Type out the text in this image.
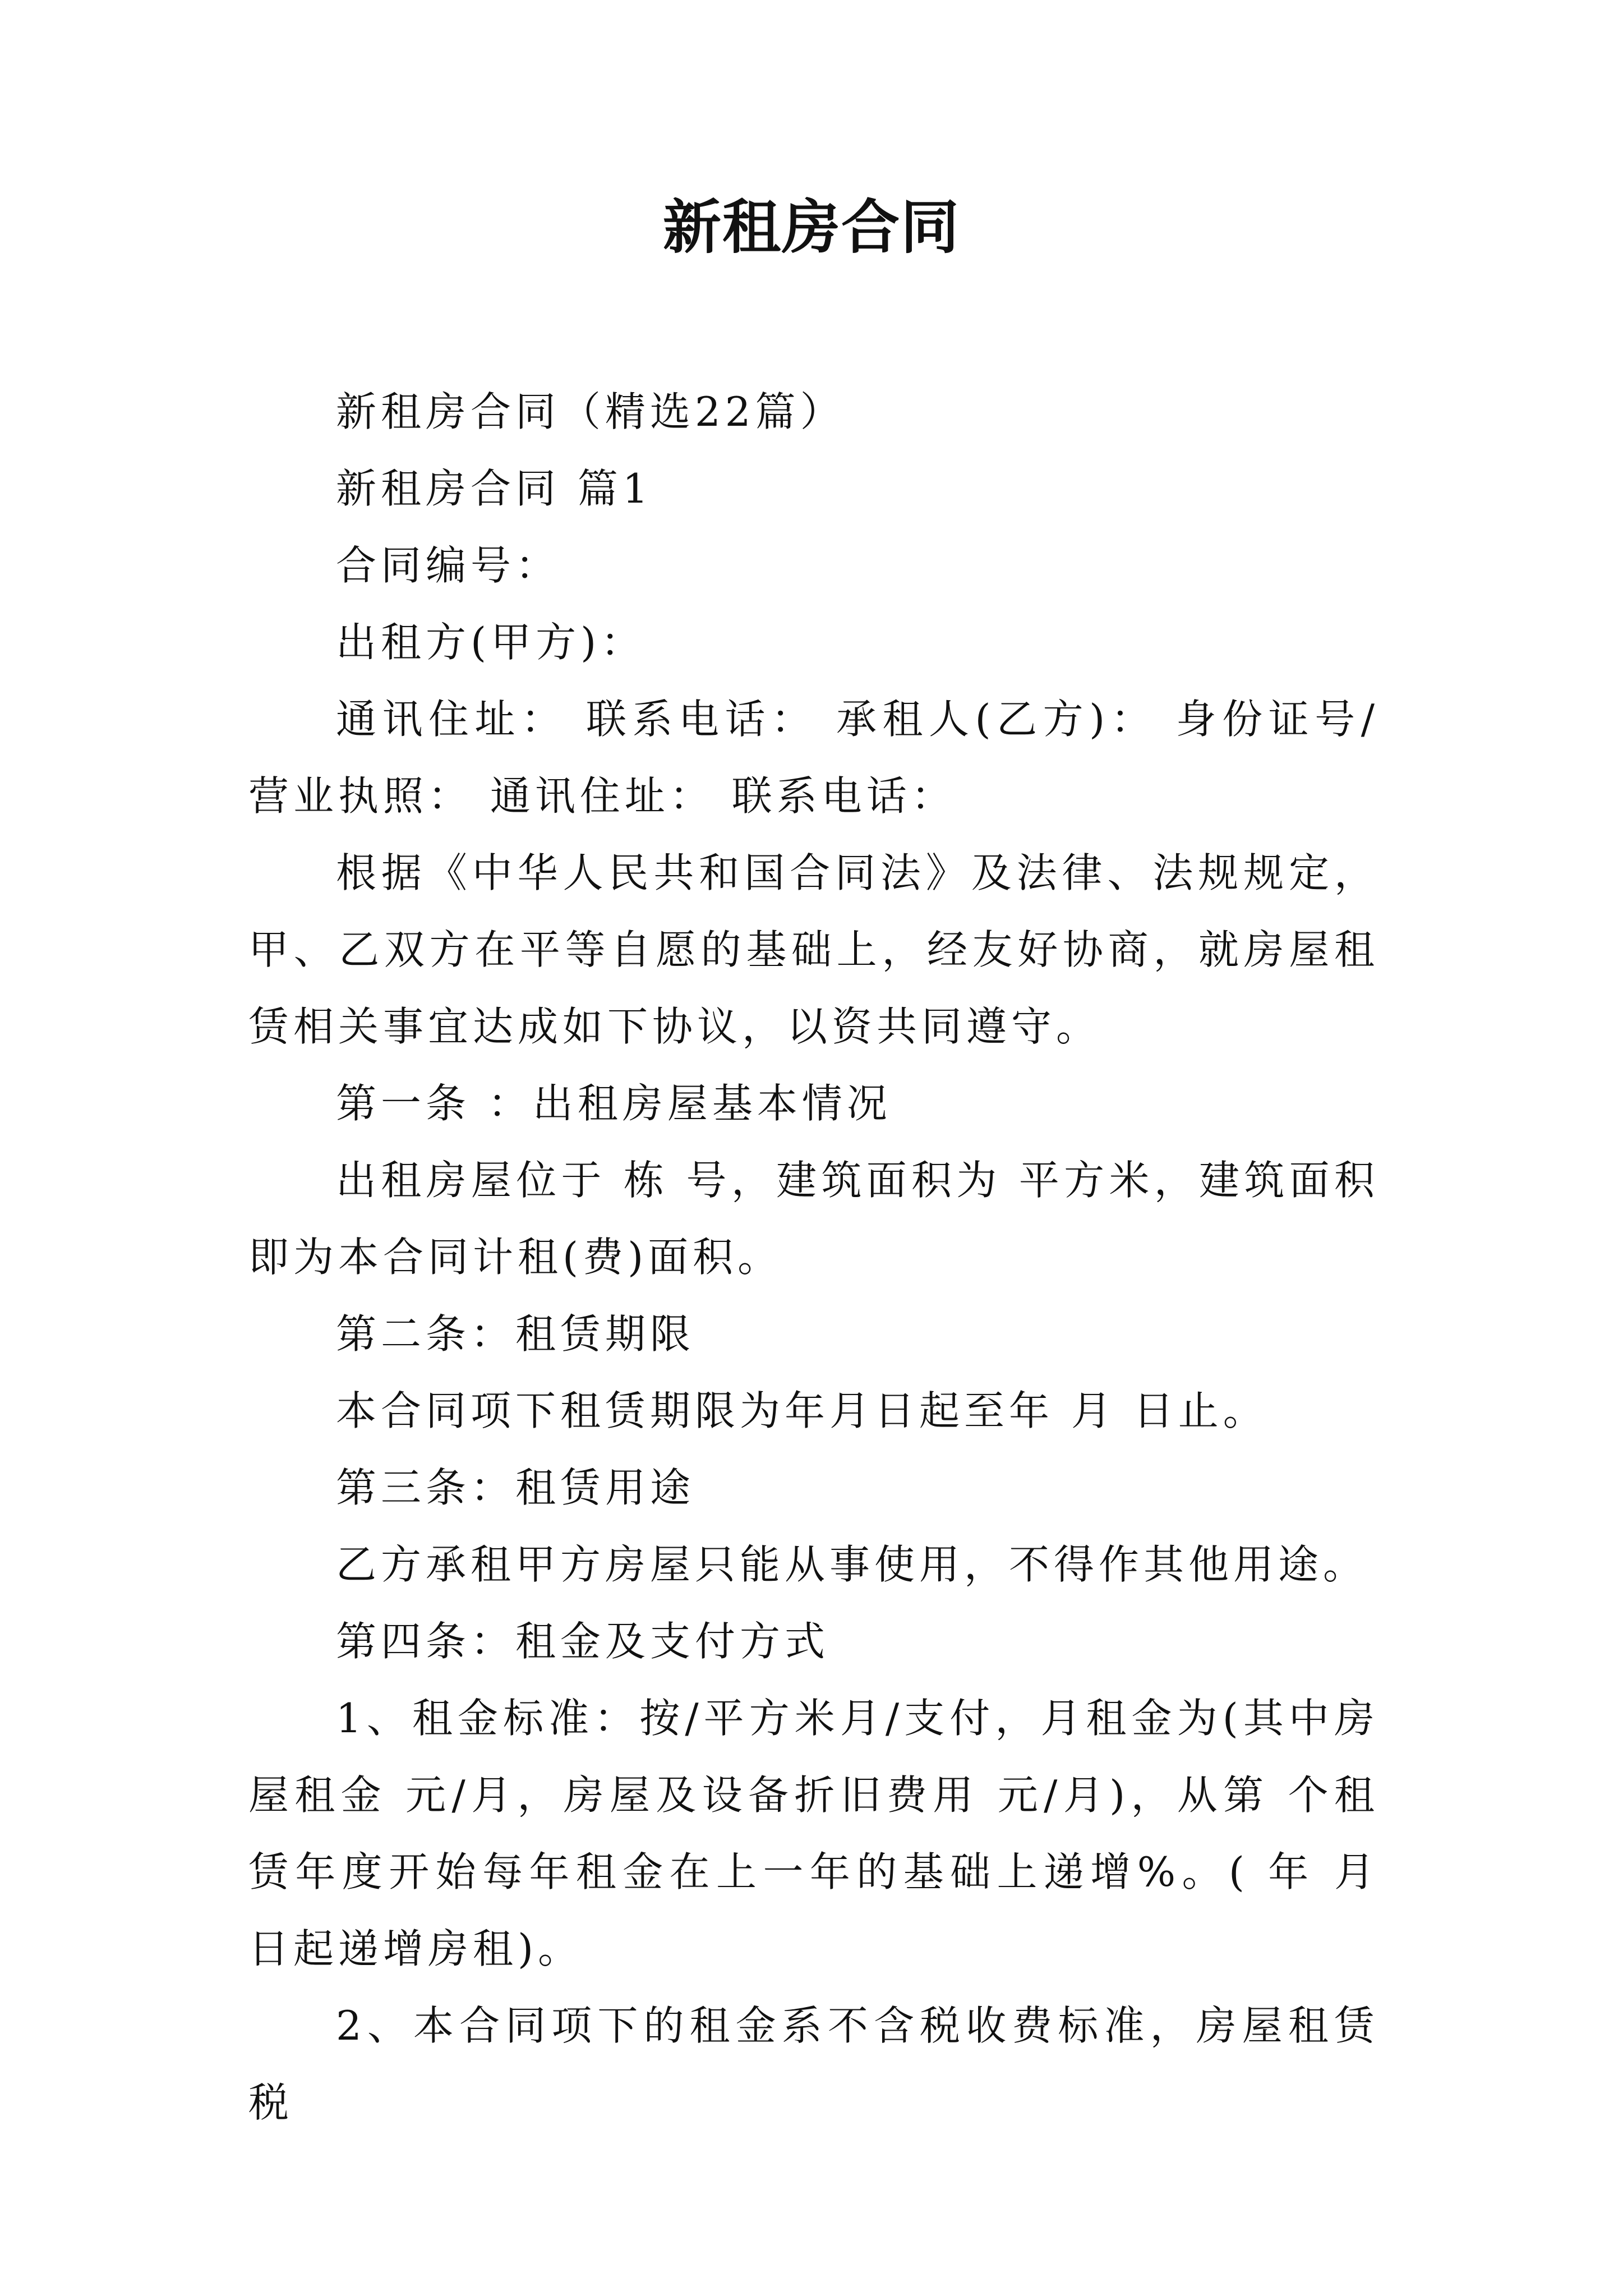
新租房合同

新租房合同（精选22篇）

新租房合同 篇1

合同编号：

出租方(甲方)：

通讯住址： 联系电话： 承租人(乙方)： 身份证号/营业执照： 通讯住址： 联系电话：

根据《中华人民共和国合同法》及法律、法规规定，甲、乙双方在平等自愿的基础上，经友好协商，就房屋租赁相关事宜达成如下协议，以资共同遵守。

第一条 ：出租房屋基本情况

出租房屋位于 栋 号，建筑面积为 平方米，建筑面积即为本合同计租(费)面积。

第二条：租赁期限

本合同项下租赁期限为年月日起至年 月 日止。

第三条：租赁用途

乙方承租甲方房屋只能从事使用，不得作其他用途。

第四条：租金及支付方式

1、租金标准：按/平方米月/支付，月租金为(其中房屋租金 元/月，房屋及设备折旧费用 元/月)，从第 个租赁年度开始每年租金在上一年的基础上递增%。( 年 月 日起递增房租)。

2、本合同项下的租金系不含税收费标准，房屋租赁税
